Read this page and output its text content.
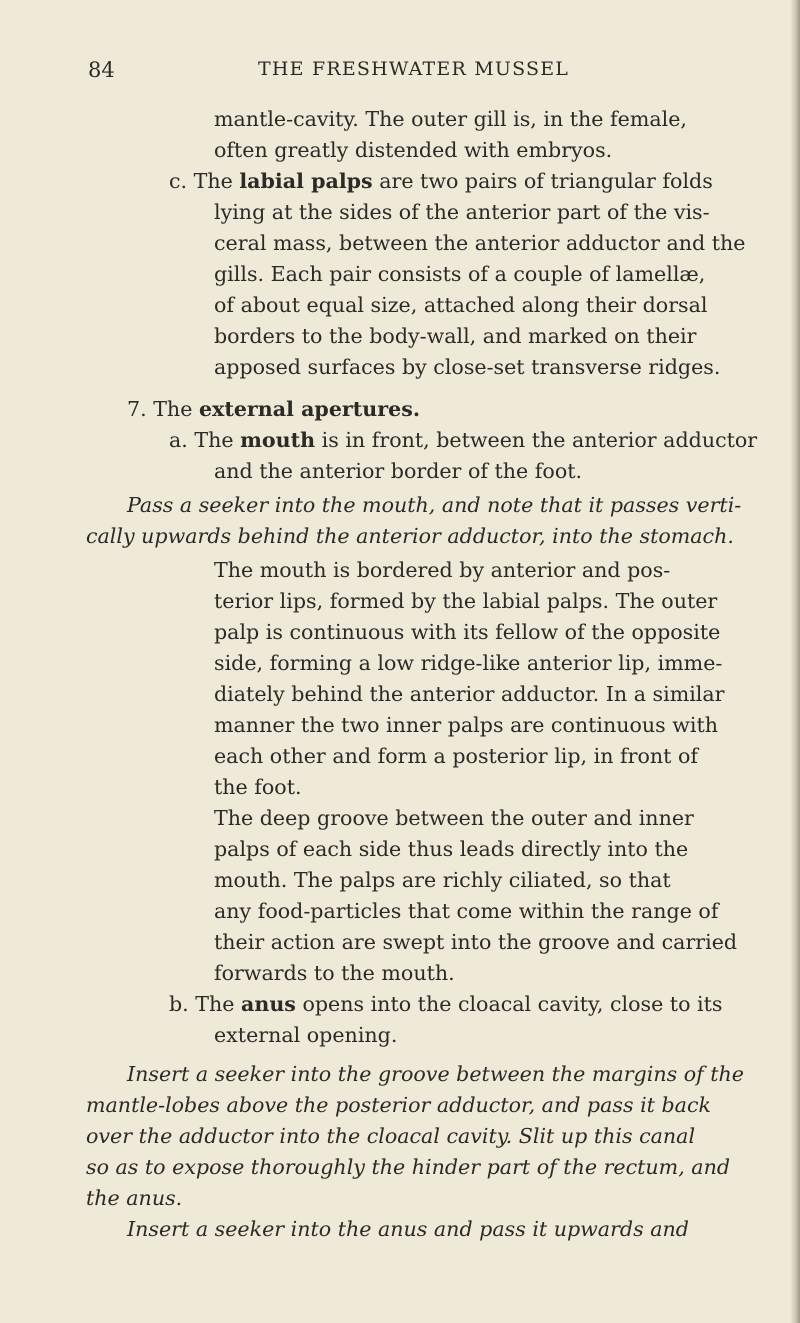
84	THE FRESHWATER MUSSEL

mantle-cavity. The outer gill is, in the female,

often greatly distended with embryos.

c. The labial palps are two pairs of triangular folds

lying at the sides of the anterior part of the vis-

ceral mass, between the anterior adductor and the

gills. Each pair consists of a couple of lamellæ,

of about equal size, attached along their dorsal

borders to the body-wall, and marked on their

apposed surfaces by close-set transverse ridges.

7. The external apertures.

a. The mouth is in front, between the anterior adductor

and the anterior border of the foot.

Pass a seeker into the mouth, and note that it passes verti-

cally upwards behind the anterior adductor, into the stomach.

The mouth is bordered by anterior and pos-

terior lips, formed by the labial palps. The outer

palp is continuous with its fellow of the opposite

side, forming a low ridge-like anterior lip, imme-

diately behind the anterior adductor. In a similar

manner the two inner palps are continuous with

each other and form a posterior lip, in front of

the foot.

The deep groove between the outer and inner

palps of each side thus leads directly into the

mouth. The palps are richly ciliated, so that

any food-particles that come within the range of

their action are swept into the groove and carried

forwards to the mouth.

b. The anus opens into the cloacal cavity, close to its

external opening.

Insert a seeker into the groove between the margins of the

mantle-lobes above the posterior adductor, and pass it back

over the adductor into the cloacal cavity. Slit up this canal

so as to expose thoroughly the hinder part of the rectum, and

the anus.

Insert a seeker into the anus and pass it upwards and
